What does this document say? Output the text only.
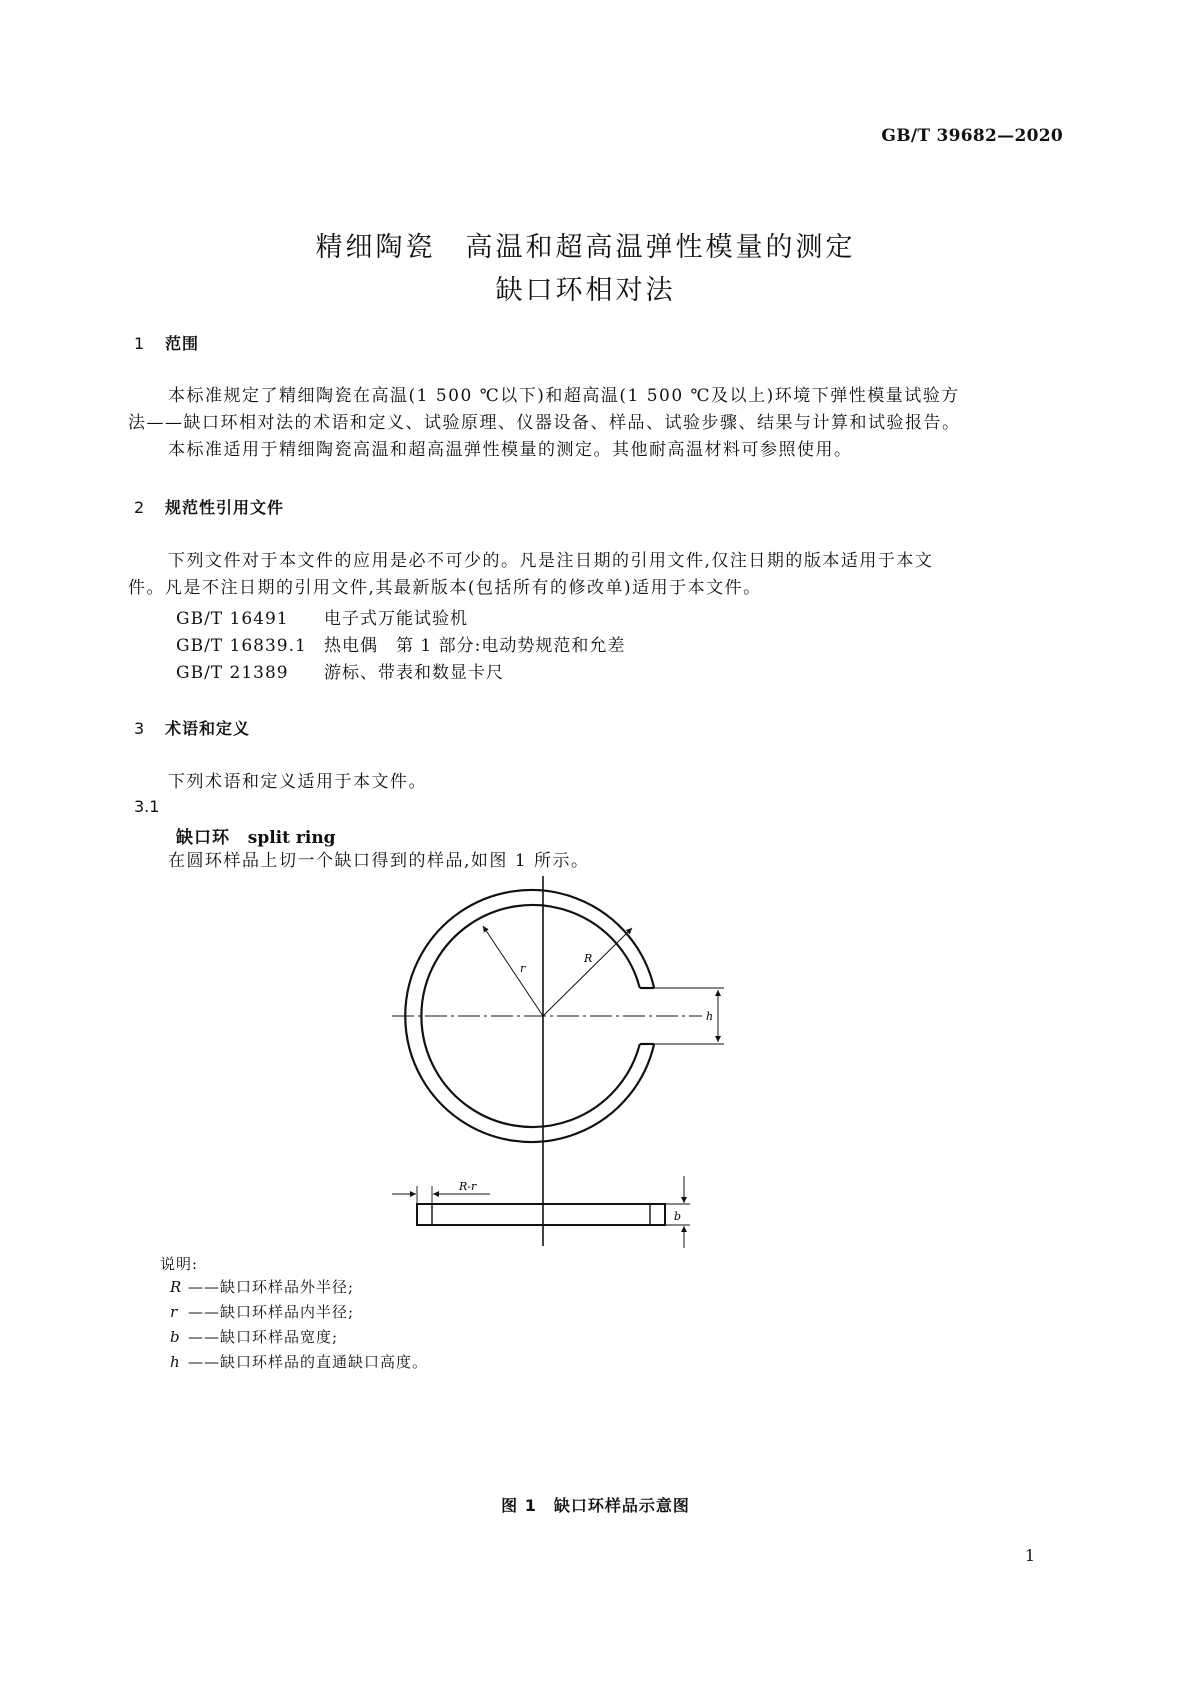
GB/T 39682—2020
精细陶瓷　高温和超高温弹性模量的测定
缺口环相对法
1 范围
本标准规定了精细陶瓷在高温(1 500 ℃以下)和超高温(1 500 ℃及以上)环境下弹性模量试验方
法——缺口环相对法的术语和定义、试验原理、仪器设备、样品、试验步骤、结果与计算和试验报告。
本标准适用于精细陶瓷高温和超高温弹性模量的测定。其他耐高温材料可参照使用。
2 规范性引用文件
下列文件对于本文件的应用是必不可少的。凡是注日期的引用文件,仅注日期的版本适用于本文
件。凡是不注日期的引用文件,其最新版本(包括所有的修改单)适用于本文件。
GB/T 16491 电子式万能试验机
GB/T 16839.1 热电偶　第 1 部分:电动势规范和允差
GB/T 21389 游标、带表和数显卡尺
3 术语和定义
下列术语和定义适用于本文件。
3.1
缺口环 split ring
在圆环样品上切一个缺口得到的样品,如图 1 所示。
r
R
h
R-r
b
说明:
R ——缺口环样品外半径;
r ——缺口环样品内半径;
b ——缺口环样品宽度;
h ——缺口环样品的直通缺口高度。
图 1　缺口环样品示意图
1
